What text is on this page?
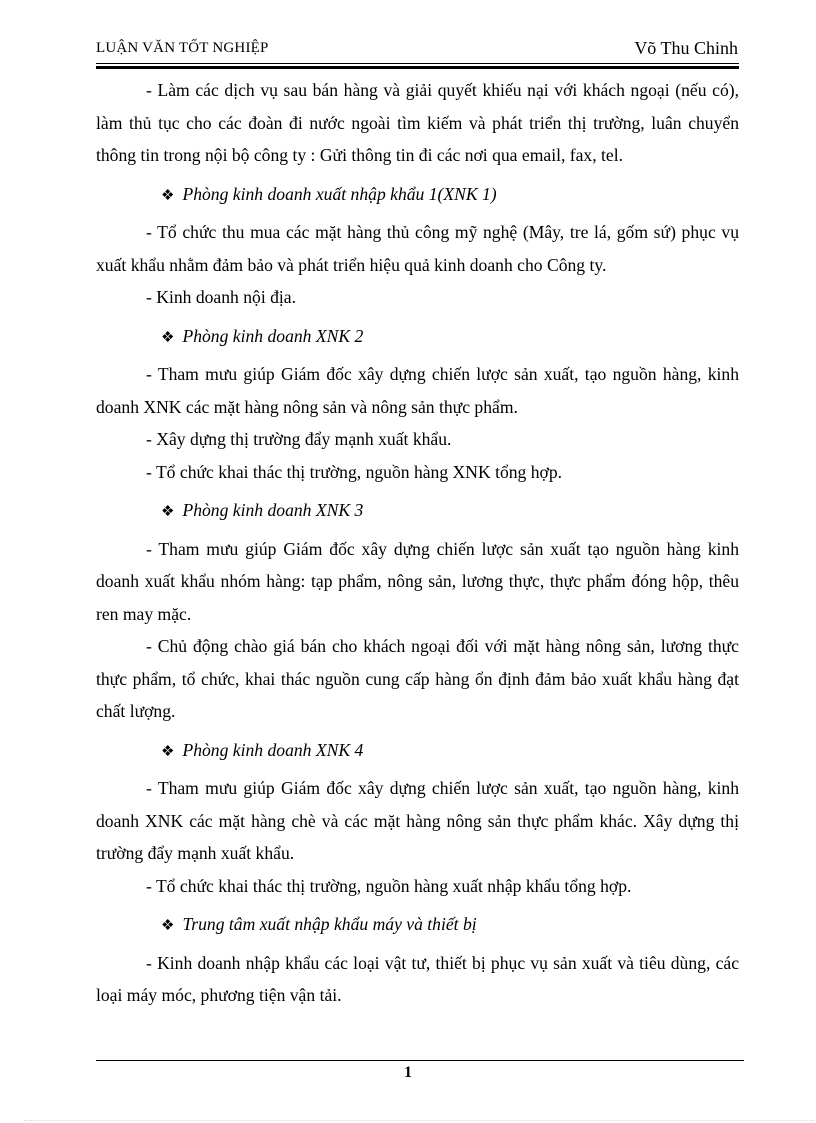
LUẬN VĂN TỐT NGHIỆP	Võ Thu Chinh

- Làm các dịch vụ sau bán hàng và giải quyết khiếu nại với khách ngoại (nếu có), làm thủ tục cho các đoàn đi nước ngoài tìm kiếm và phát triển thị trường, luân chuyển thông tin trong nội bộ công ty : Gửi thông tin đi các nơi qua email, fax, tel.

❖ Phòng kinh doanh xuất nhập khẩu 1(XNK 1)

- Tổ chức thu mua các mặt hàng thủ công mỹ nghệ (Mây, tre lá, gốm sứ) phục vụ xuất khẩu nhằm đảm bảo và phát triển hiệu quả kinh doanh cho Công ty.

- Kinh doanh nội địa.

❖ Phòng kinh doanh XNK 2

- Tham mưu giúp Giám đốc xây dựng chiến lược sản xuất, tạo nguồn hàng, kinh doanh XNK các mặt hàng nông sản và nông sản thực phẩm.

- Xây dựng thị trường đẩy mạnh xuất khẩu.

- Tổ chức khai thác thị trường, nguồn hàng XNK tổng hợp.

❖ Phòng kinh doanh XNK 3

- Tham mưu giúp Giám đốc xây dựng chiến lược sản xuất tạo nguồn hàng kinh doanh xuất khẩu nhóm hàng: tạp phẩm, nông sản, lương thực, thực phẩm đóng hộp, thêu ren may mặc.

- Chủ động chào giá bán cho khách ngoại đối với mặt hàng nông sản, lương thực thực phẩm, tổ chức, khai thác nguồn cung cấp hàng ổn định đảm bảo xuất khẩu hàng đạt chất lượng.

❖ Phòng kinh doanh XNK 4

- Tham mưu giúp Giám đốc xây dựng chiến lược sản xuất, tạo nguồn hàng, kinh doanh XNK các mặt hàng chè và các mặt hàng nông sản thực phẩm khác. Xây dựng thị trường đẩy mạnh xuất khẩu.

- Tổ chức khai thác thị trường, nguồn hàng xuất nhập khẩu tổng hợp.

❖ Trung tâm xuất nhập khẩu máy và thiết bị

- Kinh doanh nhập khẩu các loại vật tư, thiết bị phục vụ sản xuất và tiêu dùng, các loại máy móc, phương tiện vận tải.

1
